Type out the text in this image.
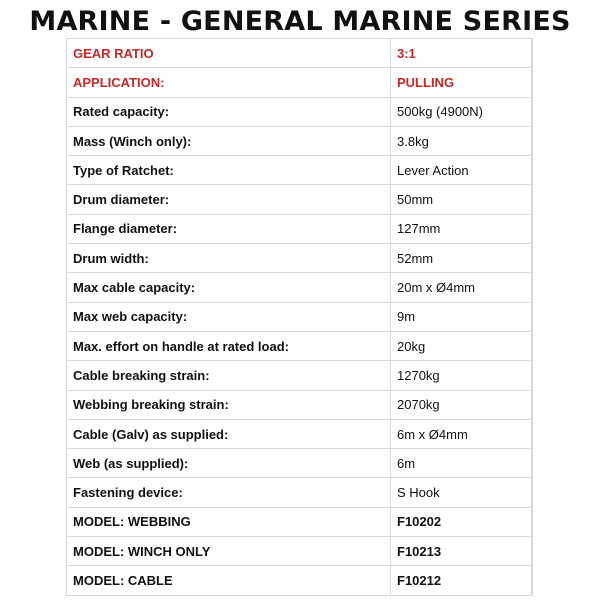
MARINE - GENERAL MARINE SERIES
GEAR RATIO	3:1
APPLICATION:	PULLING
Rated capacity:	500kg (4900N)
Mass (Winch only):	3.8kg
Type of Ratchet:	Lever Action
Drum diameter:	50mm
Flange diameter:	127mm
Drum width:	52mm
Max cable capacity:	20m x Ø4mm
Max web capacity:	9m
Max. effort on handle at rated load:	20kg
Cable breaking strain:	1270kg
Webbing breaking strain:	2070kg
Cable (Galv) as supplied:	6m x Ø4mm
Web (as supplied):	6m
Fastening device:	S Hook
MODEL: WEBBING	F10202
MODEL: WINCH ONLY	F10213
MODEL: CABLE	F10212
